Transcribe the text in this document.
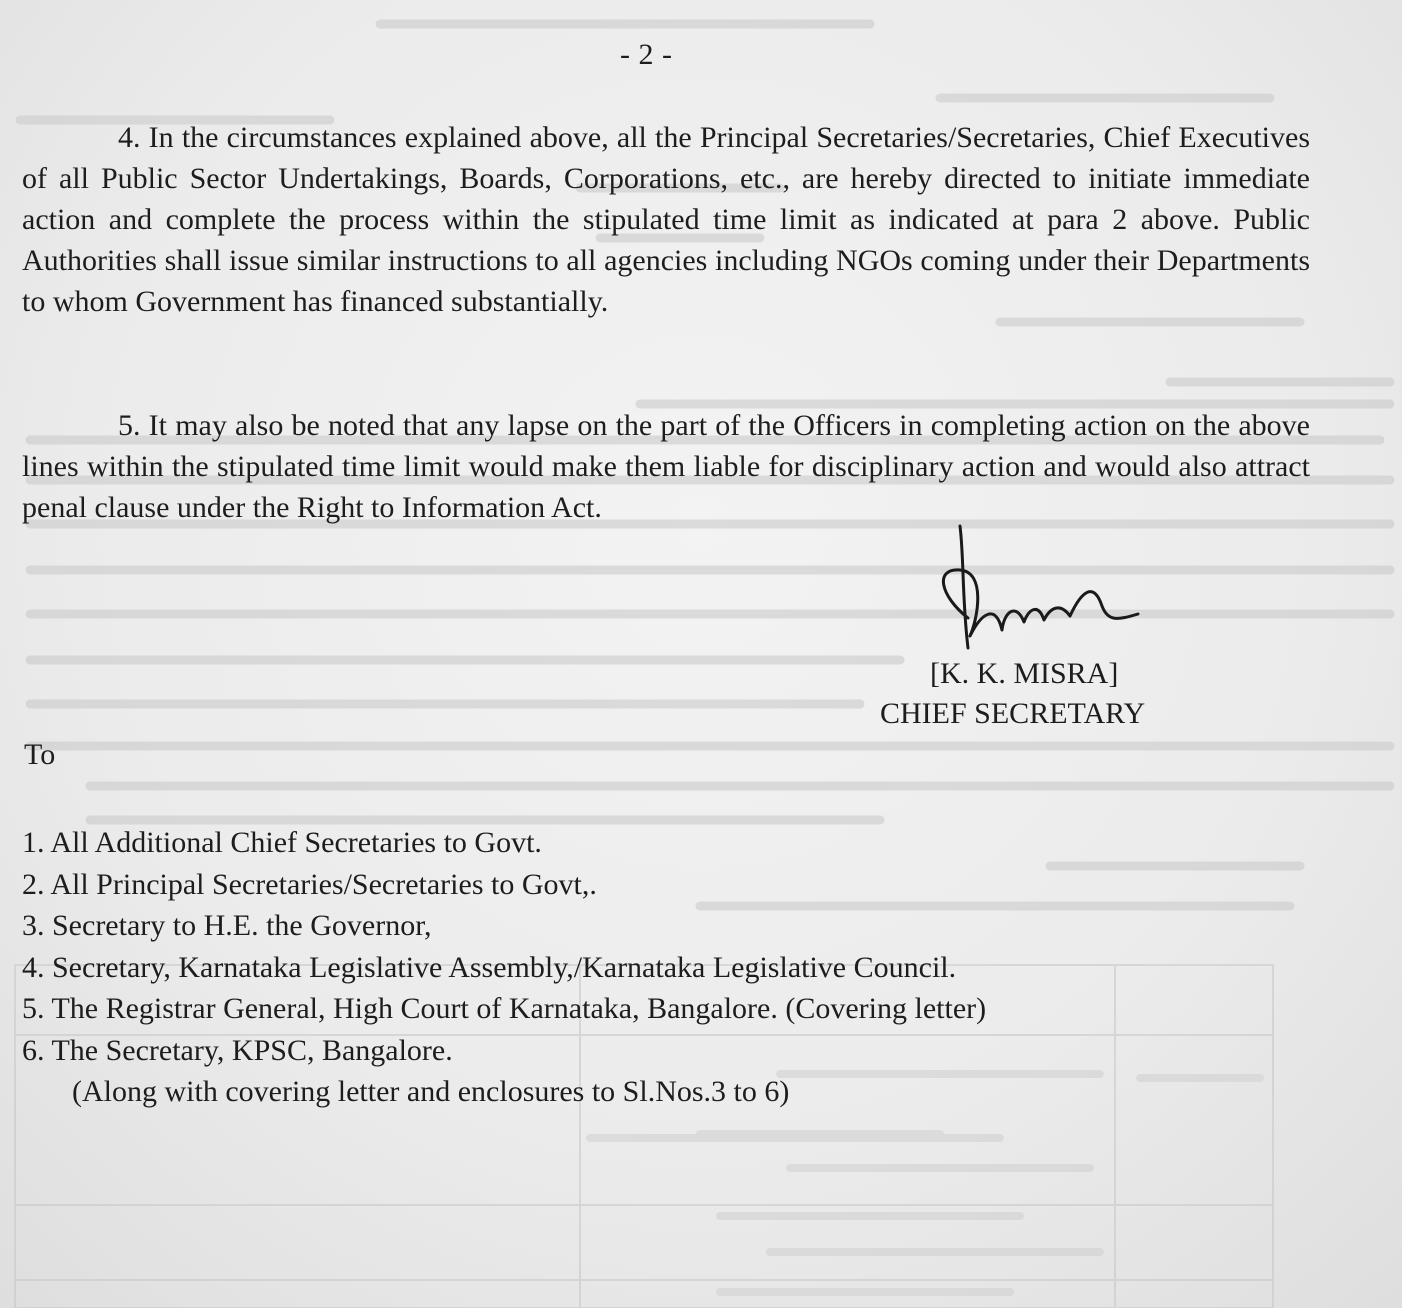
- 2 -

4. In the circumstances explained above, all the Principal Secretaries/Secretaries, Chief Executives of all Public Sector Undertakings, Boards, Corporations, etc., are hereby directed to initiate immediate action and complete the process within the stipulated time limit as indicated at para 2 above. Public Authorities shall issue similar instructions to all agencies including NGOs coming under their Departments to whom Government has financed substantially.

5. It may also be noted that any lapse on the part of the Officers in completing action on the above lines within the stipulated time limit would make them liable for disciplinary action and would also attract penal clause under the Right to Information Act.

[K. K. MISRA]
CHIEF SECRETARY
To
1. All Additional Chief Secretaries to Govt.
2. All Principal Secretaries/Secretaries to Govt,.
3. Secretary to H.E. the Governor,
4. Secretary, Karnataka Legislative Assembly,/Karnataka Legislative Council.
5. The Registrar General, High Court of Karnataka, Bangalore. (Covering letter)
6. The Secretary, KPSC, Bangalore.
(Along with covering letter and enclosures to Sl.Nos.3 to 6)
